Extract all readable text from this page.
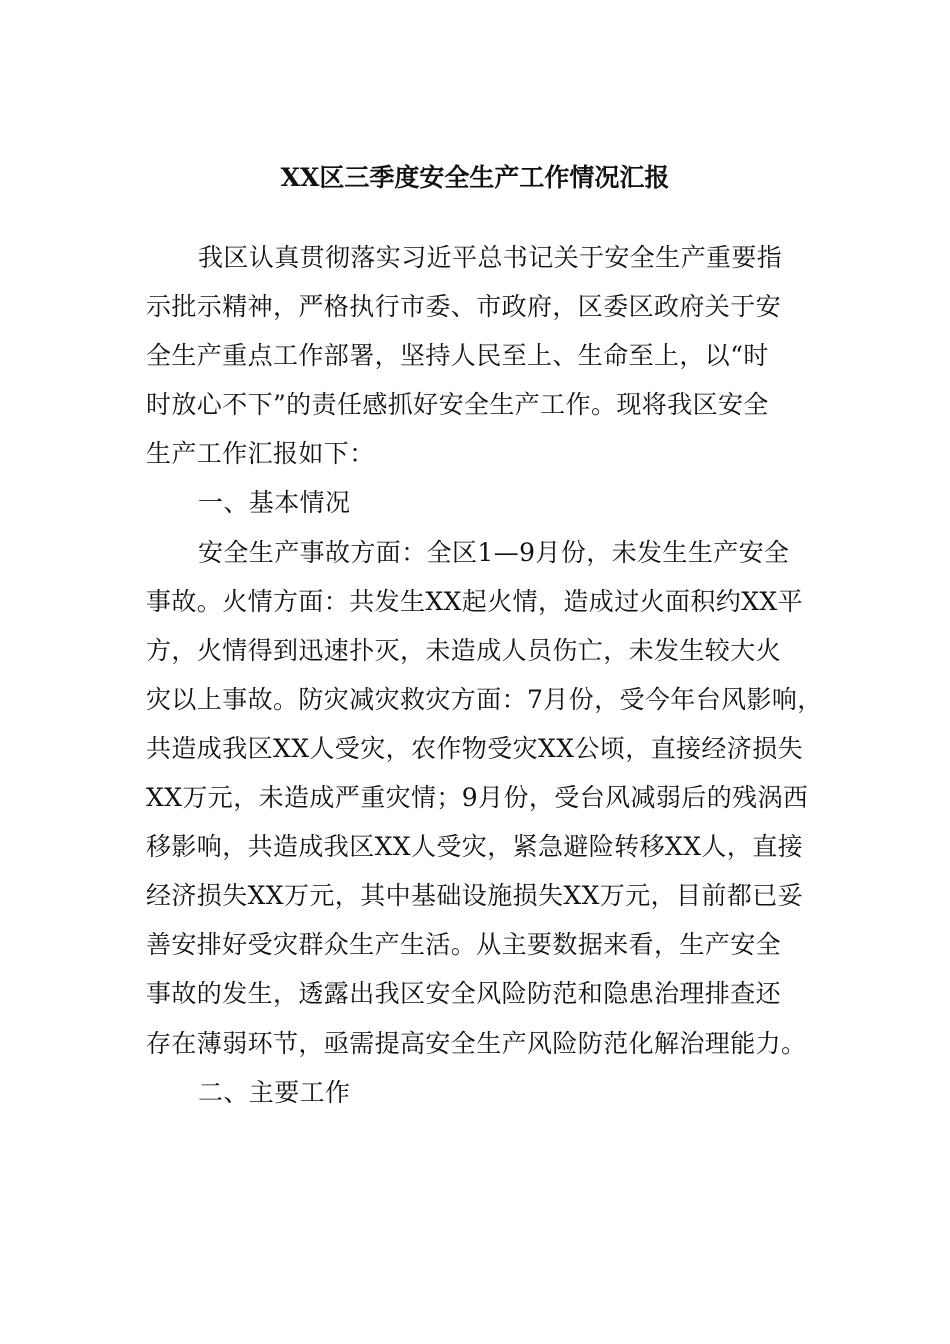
XX区三季度安全生产工作情况汇报
我区认真贯彻落实习近平总书记关于安全生产重要指
示批示精神，严格执行市委、市政府，区委区政府关于安
全生产重点工作部署，坚持人民至上、生命至上，以“时
时放心不下”的责任感抓好安全生产工作。现将我区安全
生产工作汇报如下：
一、基本情况
安全生产事故方面：全区1—9月份，未发生生产安全
事故。火情方面：共发生XX起火情，造成过火面积约XX平
方，火情得到迅速扑灭，未造成人员伤亡，未发生较大火
灾以上事故。防灾减灾救灾方面：7月份，受今年台风影响，
共造成我区XX人受灾，农作物受灾XX公顷，直接经济损失
XX万元，未造成严重灾情；9月份，受台风减弱后的残涡西
移影响，共造成我区XX人受灾，紧急避险转移XX人，直接
经济损失XX万元，其中基础设施损失XX万元，目前都已妥
善安排好受灾群众生产生活。从主要数据来看，生产安全
事故的发生，透露出我区安全风险防范和隐患治理排查还
存在薄弱环节，亟需提高安全生产风险防范化解治理能力。
二、主要工作
